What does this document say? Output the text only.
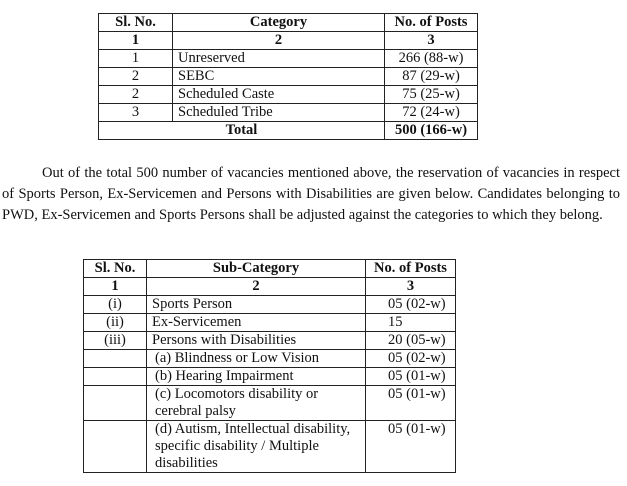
Sl. No.	Category	No. of Posts
1	2	3
1	Unreserved	266 (88-w)
2	SEBC	87 (29-w)
2	Scheduled Caste	75 (25-w)
3	Scheduled Tribe	72 (24-w)
Total		500 (166-w)

Out of the total 500 number of vacancies mentioned above, the reservation of vacancies in respect of Sports Person, Ex-Servicemen and Persons with Disabilities are given below. Candidates belonging to PWD, Ex-Servicemen and Sports Persons shall be adjusted against the categories to which they belong.

Sl. No.	Sub-Category	No. of Posts
1	2	3
(i)	Sports Person	05 (02-w)
(ii)	Ex-Servicemen	15
(iii)	Persons with Disabilities	20 (05-w)
	(a) Blindness or Low Vision	05 (02-w)
	(b) Hearing Impairment	05 (01-w)
	(c) Locomotors disability or cerebral palsy	05 (01-w)
	(d) Autism, Intellectual disability, specific disability / Multiple disabilities	05 (01-w)
